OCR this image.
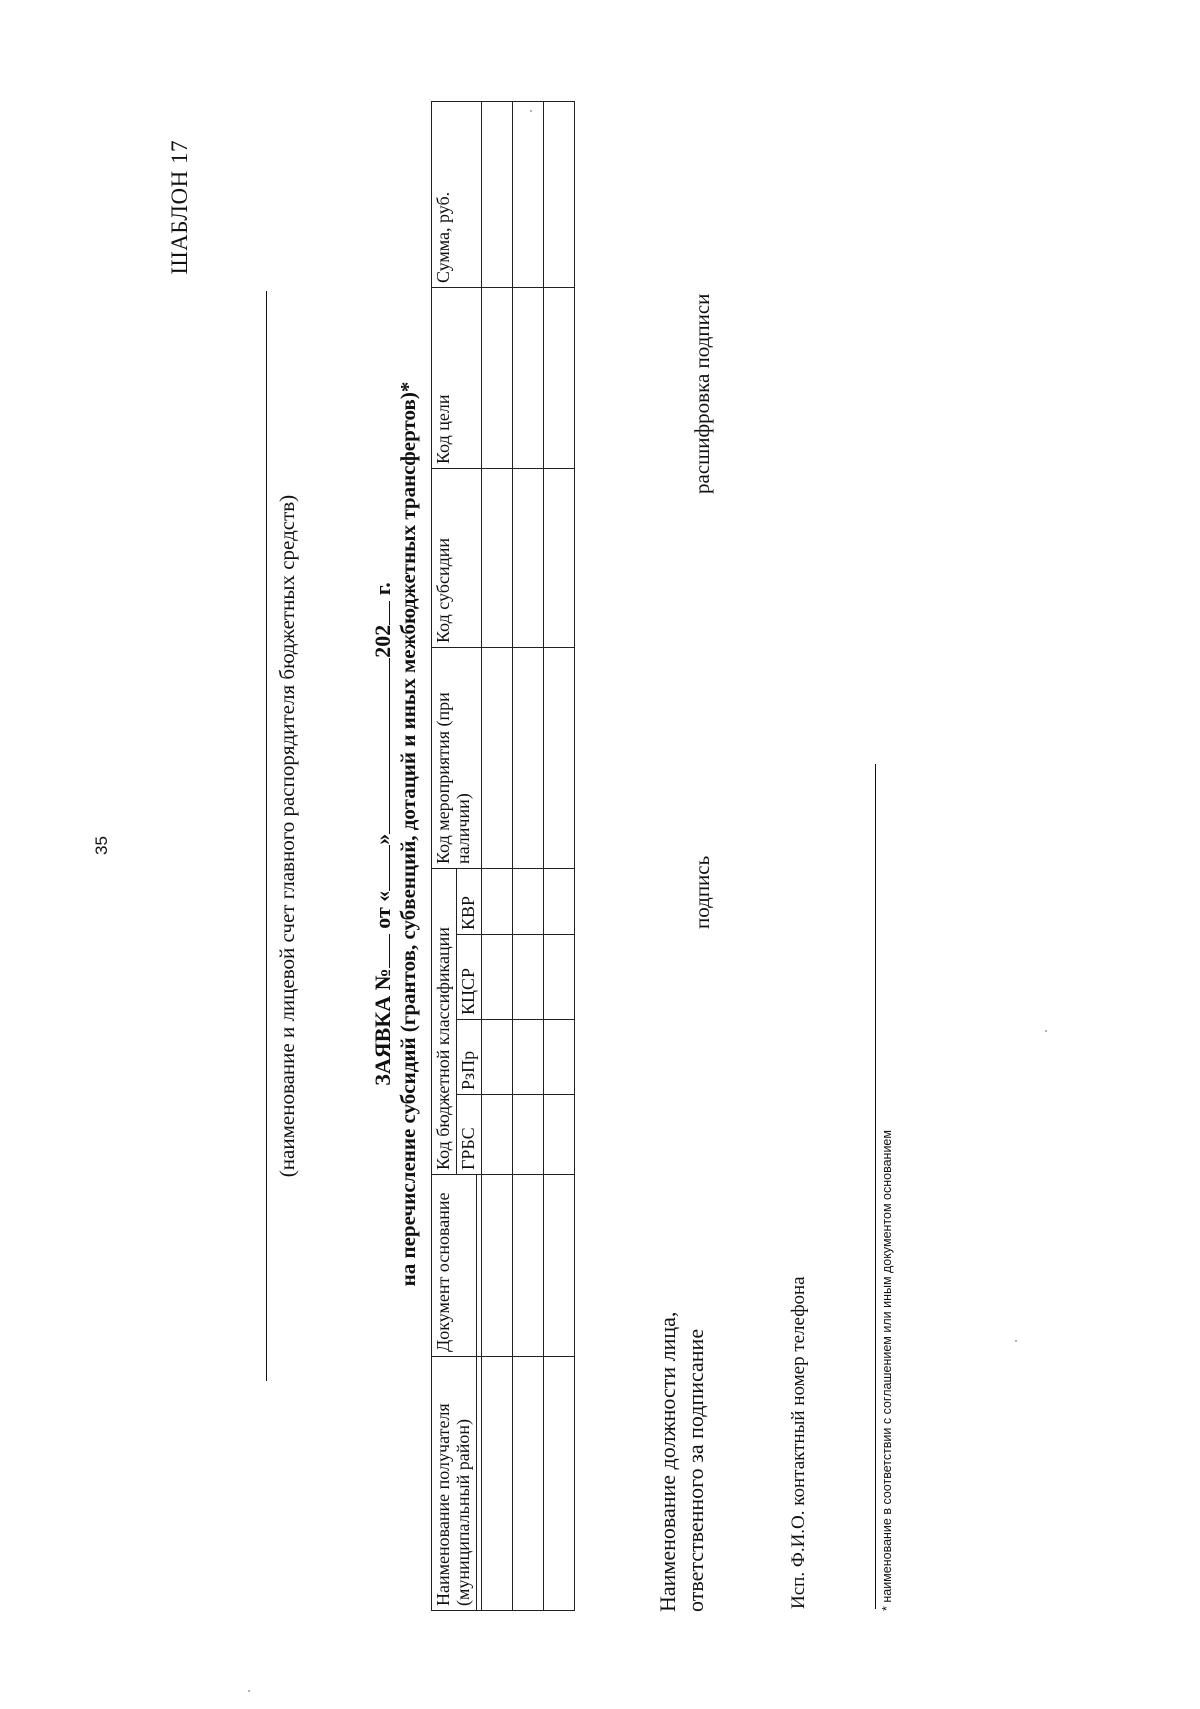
35
ШАБЛОН 17
(наименование и лицевой счет главного распорядителя бюджетных средств)	ЗАЯВКА № от «»202 г. на перечисление субсидий (грантов, субвенций, дотаций и иных межбюджетных трансфертов)*
Наименование получателя (муниципальный район)	Документ основание	Код бюджетной классификации				Код мероприятия (при наличии)	Код субсидии	Код цели	Сумма, руб.
		ГРБС	РзПр	КЦСР	КВР				

Наименование должности лица, ответственного за подписание
подпись
расшифровка подписи
Исп. Ф.И.О. контактный номер телефона	* наименование в соответствии с соглашением или иным документом основанием
